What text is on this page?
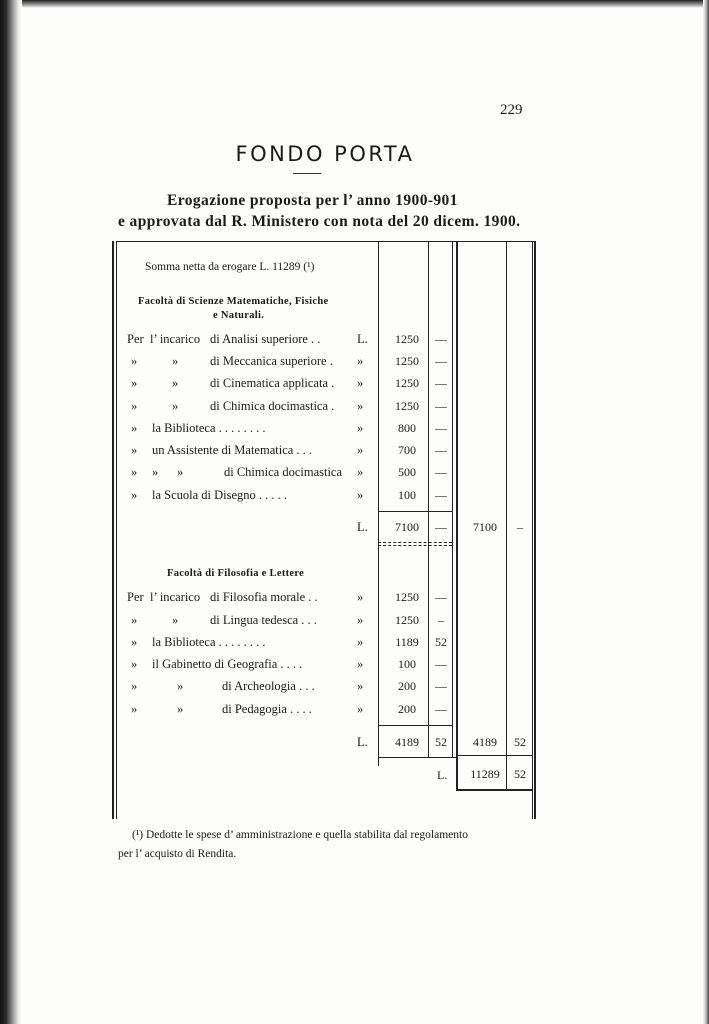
229
FONDO PORTA
Erogazione proposta per l’ anno 1900-901
e approvata dal R. Ministero con nota del 20 dicem. 1900.
Somma netta da erogare L. 11289 (¹)
Facoltà di Scienze Matematiche, Fisiche
e Naturali.
Per l’ incarico di Analisi superiore . .	L.	1250	—
»	»	di Meccanica superiore . »	1250	—
»	»	di Cinematica applicata . »	1250	—
»	»	di Chimica docimastica . »	1250	—
» la Biblioteca . . . . . . . .	»	800	—
» un Assistente di Matematica . . .	»	700	—
» »      »	di Chimica docimastica »	500	—
» la Scuola di Disegno . . . . .	»	100	—
L.	7100	—	7100	–
Facoltà di Filosofia e Lettere
Per l’ incarico di Filosofia morale . .	»	1250	—
»	»	di Lingua tedesca . . .	»	1250	–
» la Biblioteca . . . . . . . .	»	1189	52
» il Gabinetto di Geografia . . . .	»	100	—
»	»	di Archeologia . . .	»	200	—
»	»	di Pedagogia . . . .	»	200	—
L.	4189	52	4189	52
L.	11289	52
(¹) Dedotte le spese d’ amministrazione e quella stabilita dal regolamento
per l’ acquisto di Rendita.
